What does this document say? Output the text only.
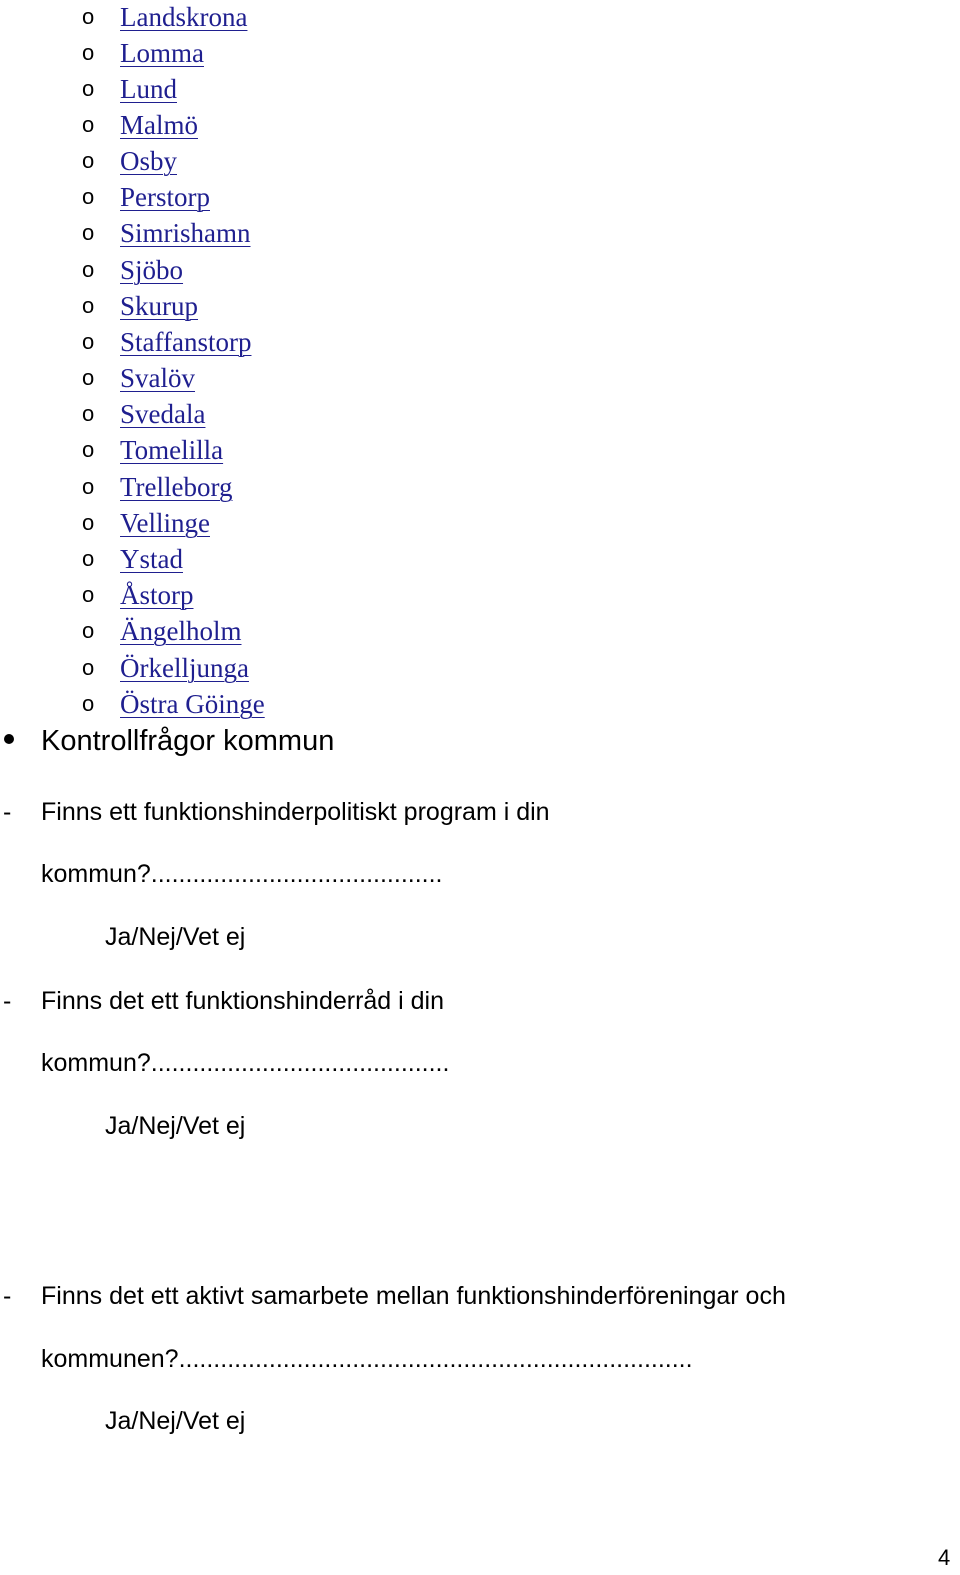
o Landskrona
o Lomma
o Lund
o Malmö
o Osby
o Perstorp
o Simrishamn
o Sjöbo
o Skurup
o Staffanstorp
o Svalöv
o Svedala
o Tomelilla
o Trelleborg
o Vellinge
o Ystad
o Åstorp
o Ängelholm
o Örkelljunga
o Östra Göinge
Kontrollfrågor kommun
- Finns ett funktionshinderpolitiskt program i din
kommun?..........................................
Ja/Nej/Vet ej
- Finns det ett funktionshinderråd i din
kommun?...........................................
Ja/Nej/Vet ej
- Finns det ett aktivt samarbete mellan funktionshinderföreningar och
kommunen?..........................................................................
Ja/Nej/Vet ej
4
